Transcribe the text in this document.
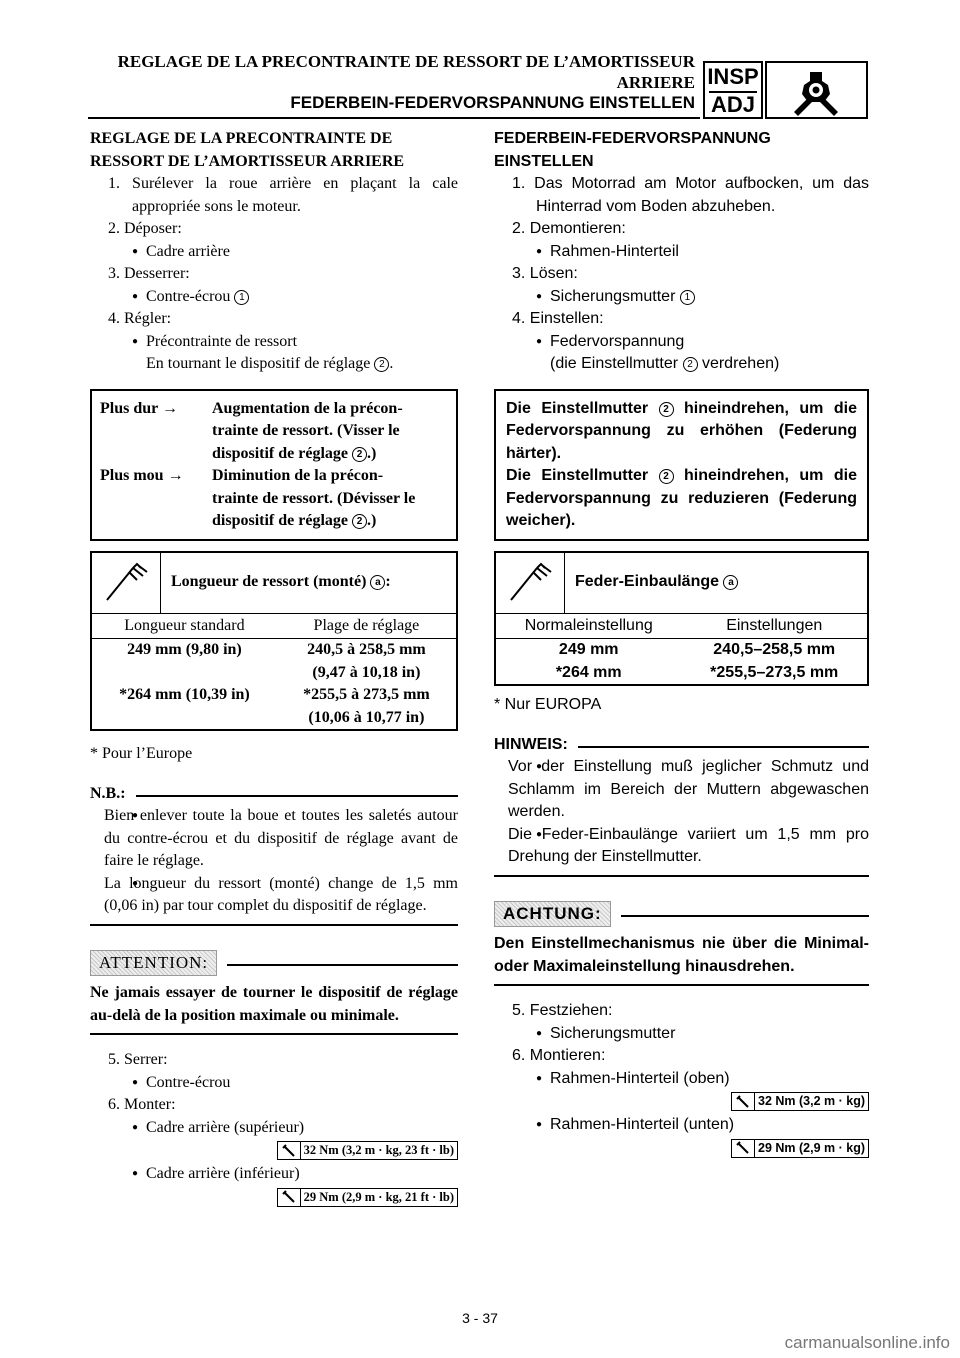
REGLAGE DE LA PRECONTRAINTE DE RESSORT DE L’AMORTISSEUR
ARRIERE
FEDERBEIN-FEDERVORSPANNUNG EINSTELLEN
INSP
ADJ
REGLAGE DE LA PRECONTRAINTE DE
RESSORT DE L’AMORTISSEUR ARRIERE
1. Surélever la roue arrière en plaçant la cale appropriée sons le moteur.
2. Déposer:
● Cadre arrière
3. Desserrer:
● Contre-écrou 1
4. Régler:
● Précontrainte de ressort
En tournant le dispositif de réglage 2 .
Plus dur →	Augmentation de la précon-
trainte de ressort. (Visser le
dispositif de réglage 2 .)
Plus mou →	Diminution de la précon-
trainte de ressort. (Dévisser le
dispositif de réglage 2 .)
Longueur de ressort (monté) a :
Longueur standard	Plage de réglage
249 mm (9,80 in)	240,5 à 258,5 mm
(9,47 à 10,18 in)

*264 mm (10,39 in)	*255,5 à 273,5 mm
(10,06 à 10,77 in)
* Pour l’Europe
N.B.:
● Bien enlever toute la boue et toutes les saletés autour du contre-écrou et du dispositif de réglage avant de faire le réglage.
● La longueur du ressort (monté) change de 1,5 mm (0,06 in) par tour complet du dispositif de réglage.
ATTENTION:
Ne jamais essayer de tourner le dispositif de réglage au-delà de la position maximale ou minimale.
5. Serrer:
● Contre-écrou
6. Monter:
● Cadre arrière (supérieur)
32 Nm (3,2 m · kg, 23 ft · lb)
● Cadre arrière (inférieur)
29 Nm (2,9 m · kg, 21 ft · lb)
FEDERBEIN-FEDERVORSPANNUNG
EINSTELLEN
1. Das Motorrad am Motor aufbocken, um das Hinterrad vom Boden abzuheben.
2. Demontieren:
● Rahmen-Hinterteil
3. Lösen:
● Sicherungsmutter 1
4. Einstellen:
● Federvorspannung
(die Einstellmutter 2 verdrehen)
Die Einstellmutter 2 hineindrehen, um die Federvorspannung zu erhöhen (Federung härter).
Die Einstellmutter 2 hineindrehen, um die Federvorspannung zu reduzieren (Federung weicher).
Feder-Einbaulänge a
Normaleinstellung	Einstellungen
249 mm	240,5–258,5 mm
*264 mm	*255,5–273,5 mm
* Nur EUROPA
HINWEIS:
● Vor der Einstellung muß jeglicher Schmutz und Schlamm im Bereich der Muttern abgewaschen werden.
● Die Feder-Einbaulänge variiert um 1,5 mm pro Drehung der Einstellmutter.
ACHTUNG:
Den Einstellmechanismus nie über die Minimal- oder Maximaleinstellung hinausdrehen.
5. Festziehen:
● Sicherungsmutter
6. Montieren:
● Rahmen-Hinterteil (oben)
32 Nm (3,2 m · kg)
● Rahmen-Hinterteil (unten)
29 Nm (2,9 m · kg)
3 - 37
carmanualsonline.info
